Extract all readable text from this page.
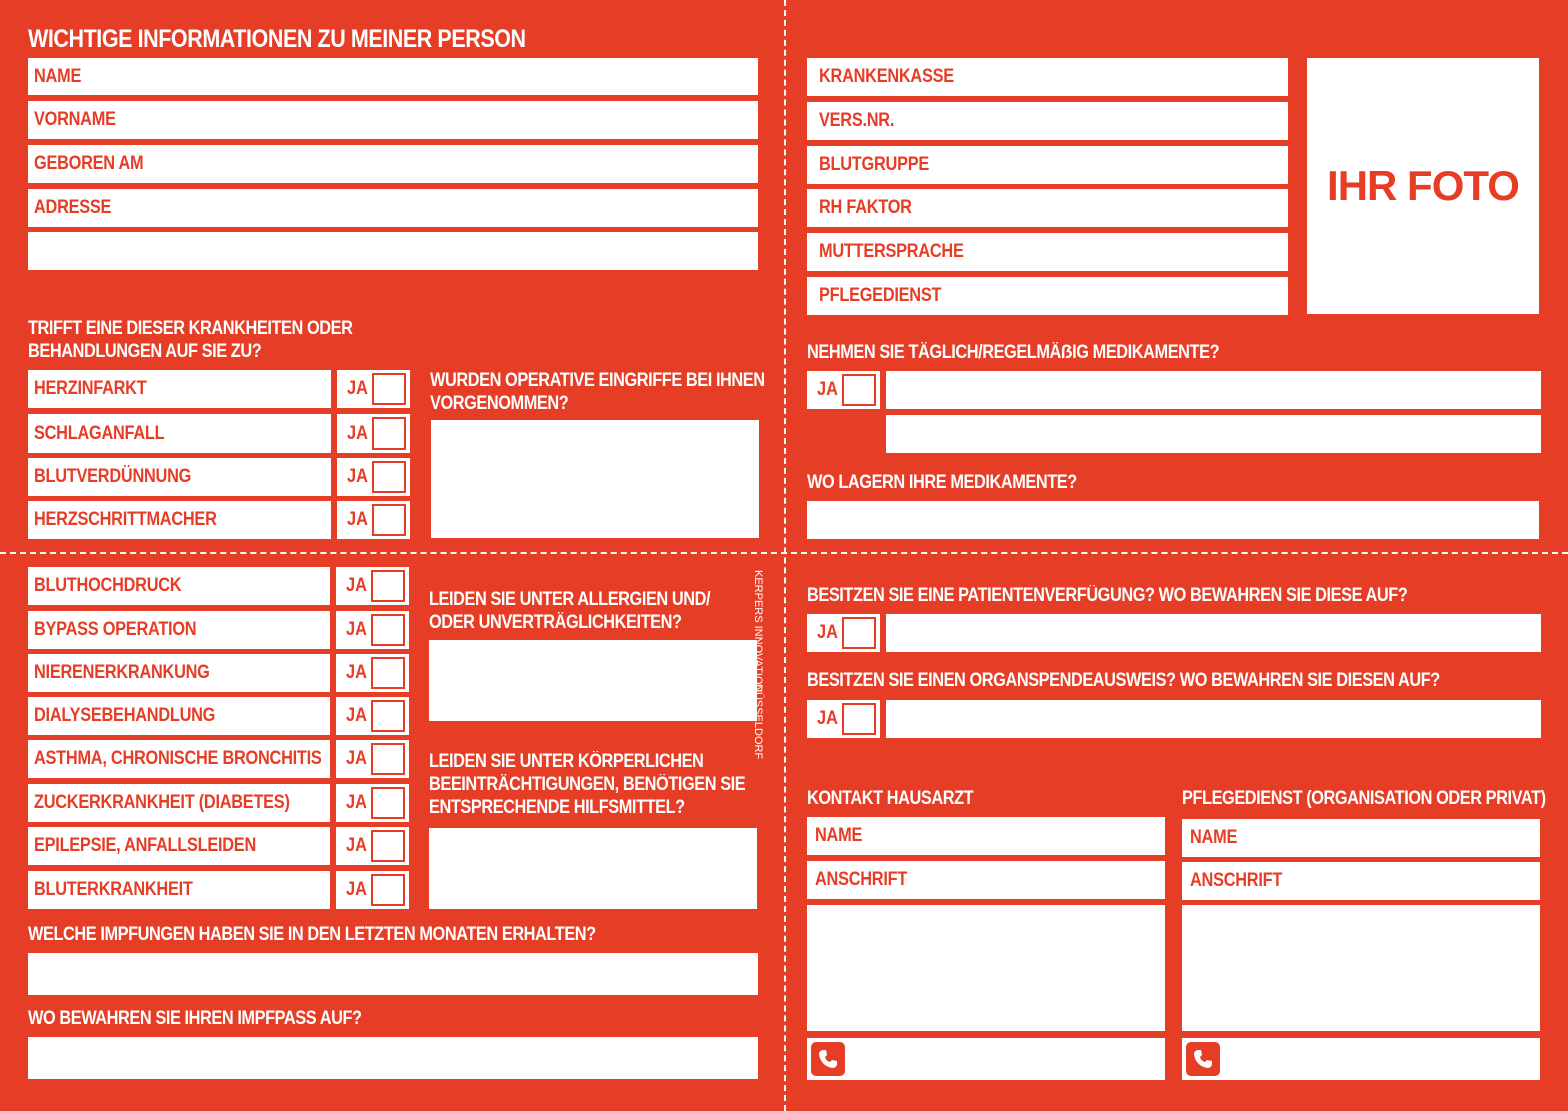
WICHTIGE INFORMATIONEN ZU MEINER PERSON
NAME
VORNAME
GEBOREN AM
ADRESSE
TRIFFT EINE DIESER KRANKHEITEN ODER
BEHANDLUNGEN AUF SIE ZU?
HERZINFARKT	JA
SCHLAGANFALL	JA
BLUTVERDÜNNUNG	JA
HERZSCHRITTMACHER	JA
WURDEN OPERATIVE EINGRIFFE BEI IHNEN
VORGENOMMEN?
KRANKENKASSE
VERS.NR.
BLUTGRUPPE
RH FAKTOR
MUTTERSPRACHE
PFLEGEDIENST
IHR FOTO
NEHMEN SIE TÄGLICH/REGELMÄẞIG MEDIKAMENTE?
JA
WO LAGERN IHRE MEDIKAMENTE?
BLUTHOCHDRUCK	JA
BYPASS OPERATION	JA
NIERENERKRANKUNG	JA
DIALYSEBEHANDLUNG	JA
ASTHMA, CHRONISCHE BRONCHITIS JA
ZUCKERKRANKHEIT (DIABETES)	JA
EPILEPSIE, ANFALLSLEIDEN	JA
BLUTERKRANKHEIT	JA
LEIDEN SIE UNTER ALLERGIEN UND/
ODER UNVERTRÄGLICHKEITEN?
LEIDEN SIE UNTER KÖRPERLICHEN
BEEINTRÄCHTIGUNGEN, BENÖTIGEN SIE
ENTSPRECHENDE HILFSMITTEL?
KERPERS INNOVATION
DÜSSELDORF
WELCHE IMPFUNGEN HABEN SIE IN DEN LETZTEN MONATEN ERHALTEN?
WO BEWAHREN SIE IHREN IMPFPASS AUF?
BESITZEN SIE EINE PATIENTENVERFÜGUNG? WO BEWAHREN SIE DIESE AUF?
JA
BESITZEN SIE EINEN ORGANSPENDEAUSWEIS? WO BEWAHREN SIE DIESEN AUF?
JA
KONTAKT HAUSARZT
NAME
ANSCHRIFT
PFLEGEDIENST (ORGANISATION ODER PRIVAT)
NAME
ANSCHRIFT
